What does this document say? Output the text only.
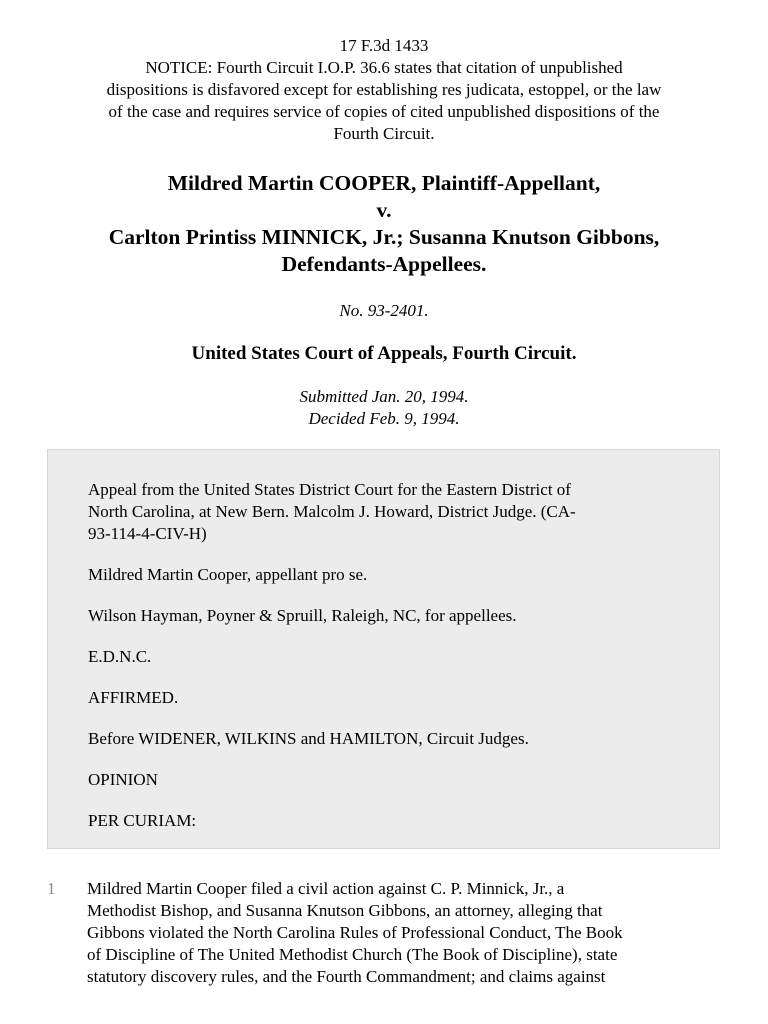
17 F.3d 1433
NOTICE: Fourth Circuit I.O.P. 36.6 states that citation of unpublished
dispositions is disfavored except for establishing res judicata, estoppel, or the law
of the case and requires service of copies of cited unpublished dispositions of the
Fourth Circuit.
Mildred Martin COOPER, Plaintiff-Appellant,
v.
Carlton Printiss MINNICK, Jr.; Susanna Knutson Gibbons,
Defendants-Appellees.
No. 93-2401.
United States Court of Appeals, Fourth Circuit.
Submitted Jan. 20, 1994.
Decided Feb. 9, 1994.

Appeal from the United States District Court for the Eastern District of
North Carolina, at New Bern. Malcolm J. Howard, District Judge. (CA-
93-114-4-CIV-H)

Mildred Martin Cooper, appellant pro se.

Wilson Hayman, Poyner & Spruill, Raleigh, NC, for appellees.

E.D.N.C.

AFFIRMED.

Before WIDENER, WILKINS and HAMILTON, Circuit Judges.

OPINION

PER CURIAM:

1 Mildred Martin Cooper filed a civil action against C. P. Minnick, Jr., a
Methodist Bishop, and Susanna Knutson Gibbons, an attorney, alleging that
Gibbons violated the North Carolina Rules of Professional Conduct, The Book
of Discipline of The United Methodist Church (The Book of Discipline), state
statutory discovery rules, and the Fourth Commandment; and claims against
